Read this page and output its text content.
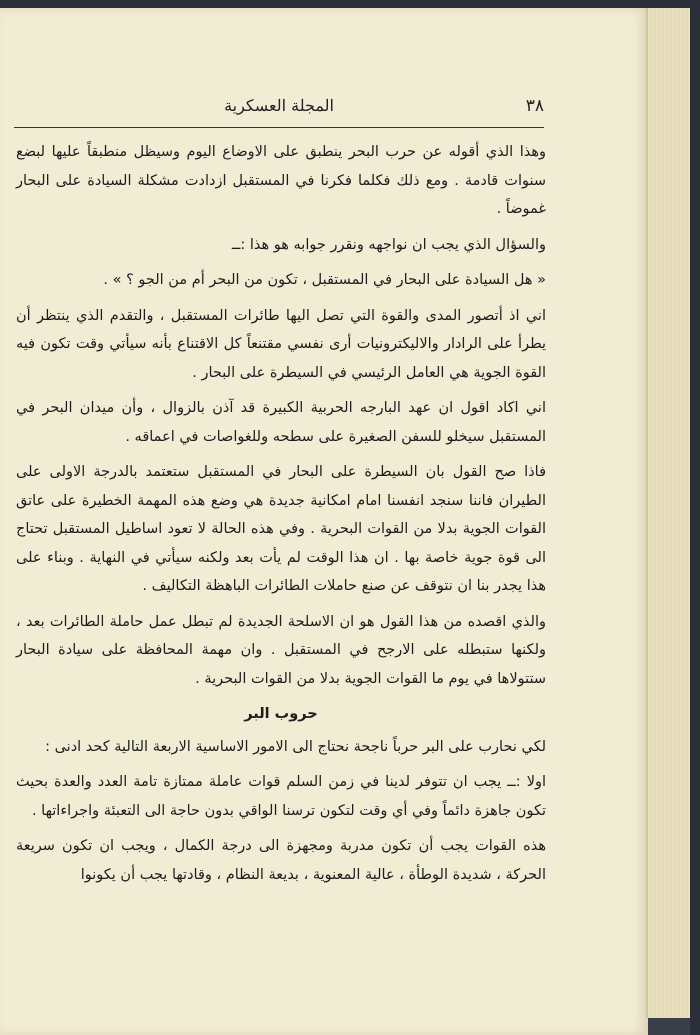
٣٨
المجلة العسكرية

وهذا الذي أقوله عن حرب البحر ينطبق على الاوضاع اليوم وسيظل منطبقاً عليها لبضع سنوات قادمة . ومع ذلك فكلما فكرنا في المستقبل ازدادت مشكلة السيادة على البحار غموضاً .

والسؤال الذي يجب ان نواجهه ونقرر جوابه هو هذا :ــ

« هل السيادة على البحار في المستقبل ، تكون من البحر أم من الجو ؟ » .

اني اذ أتصور المدى والقوة التي تصل اليها طائرات المستقبل ، والتقدم الذي ينتظر أن يطرأ على الرادار والاليكترونيات أرى نفسي مقتنعاً كل الاقتناع بأنه سيأتي وقت تكون فيه القوة الجوية هي العامل الرئيسي في السيطرة على البحار .

اني اكاد اقول ان عهد البارجه الحربية الكبيرة قد آذن بالزوال ، وأن ميدان البحر في المستقبل سيخلو للسفن الصغيرة على سطحه وللغواصات في اعماقه .

فاذا صح القول بان السيطرة على البحار في المستقبل ستعتمد بالدرجة الاولى على الطيران فاننا سنجد انفسنا امام امكانية جديدة هي وضع هذه المهمة الخطيرة على عاتق القوات الجوية بدلا من القوات البحرية . وفي هذه الحالة لا تعود اساطيل المستقبل تحتاج الى قوة جوية خاصة بها . ان هذا الوقت لم يأت بعد ولكنه سيأتي في النهاية . وبناء على هذا يجدر بنا ان نتوقف عن صنع حاملات الطائرات الباهظة التكاليف .

والذي اقصده من هذا القول هو ان الاسلحة الجديدة لم تبطل عمل حاملة الطائرات بعد ، ولكنها ستبطله على الارجح في المستقبل . وان مهمة المحافظة على سيادة البحار ستتولاها في يوم ما القوات الجوية بدلا من القوات البحرية .

حروب البر

لكي نحارب على البر حرباً ناجحة نحتاج الى الامور الاساسية الاربعة التالية كحد ادنى :

اولا :ــ يجب ان تتوفر لدينا في زمن السلم قوات عاملة ممتازة تامة العدد والعدة بحيث تكون جاهزة دائماً وفي أي وقت لتكون ترسنا الواقي بدون حاجة الى التعبئة واجراءاتها .

هذه القوات يجب أن تكون مدربة ومجهزة الى درجة الكمال ، ويجب ان تكون سريعة الحركة ، شديدة الوطأة ، عالية المعنوية ، بديعة النظام ، وقادتها يجب أن يكونوا
